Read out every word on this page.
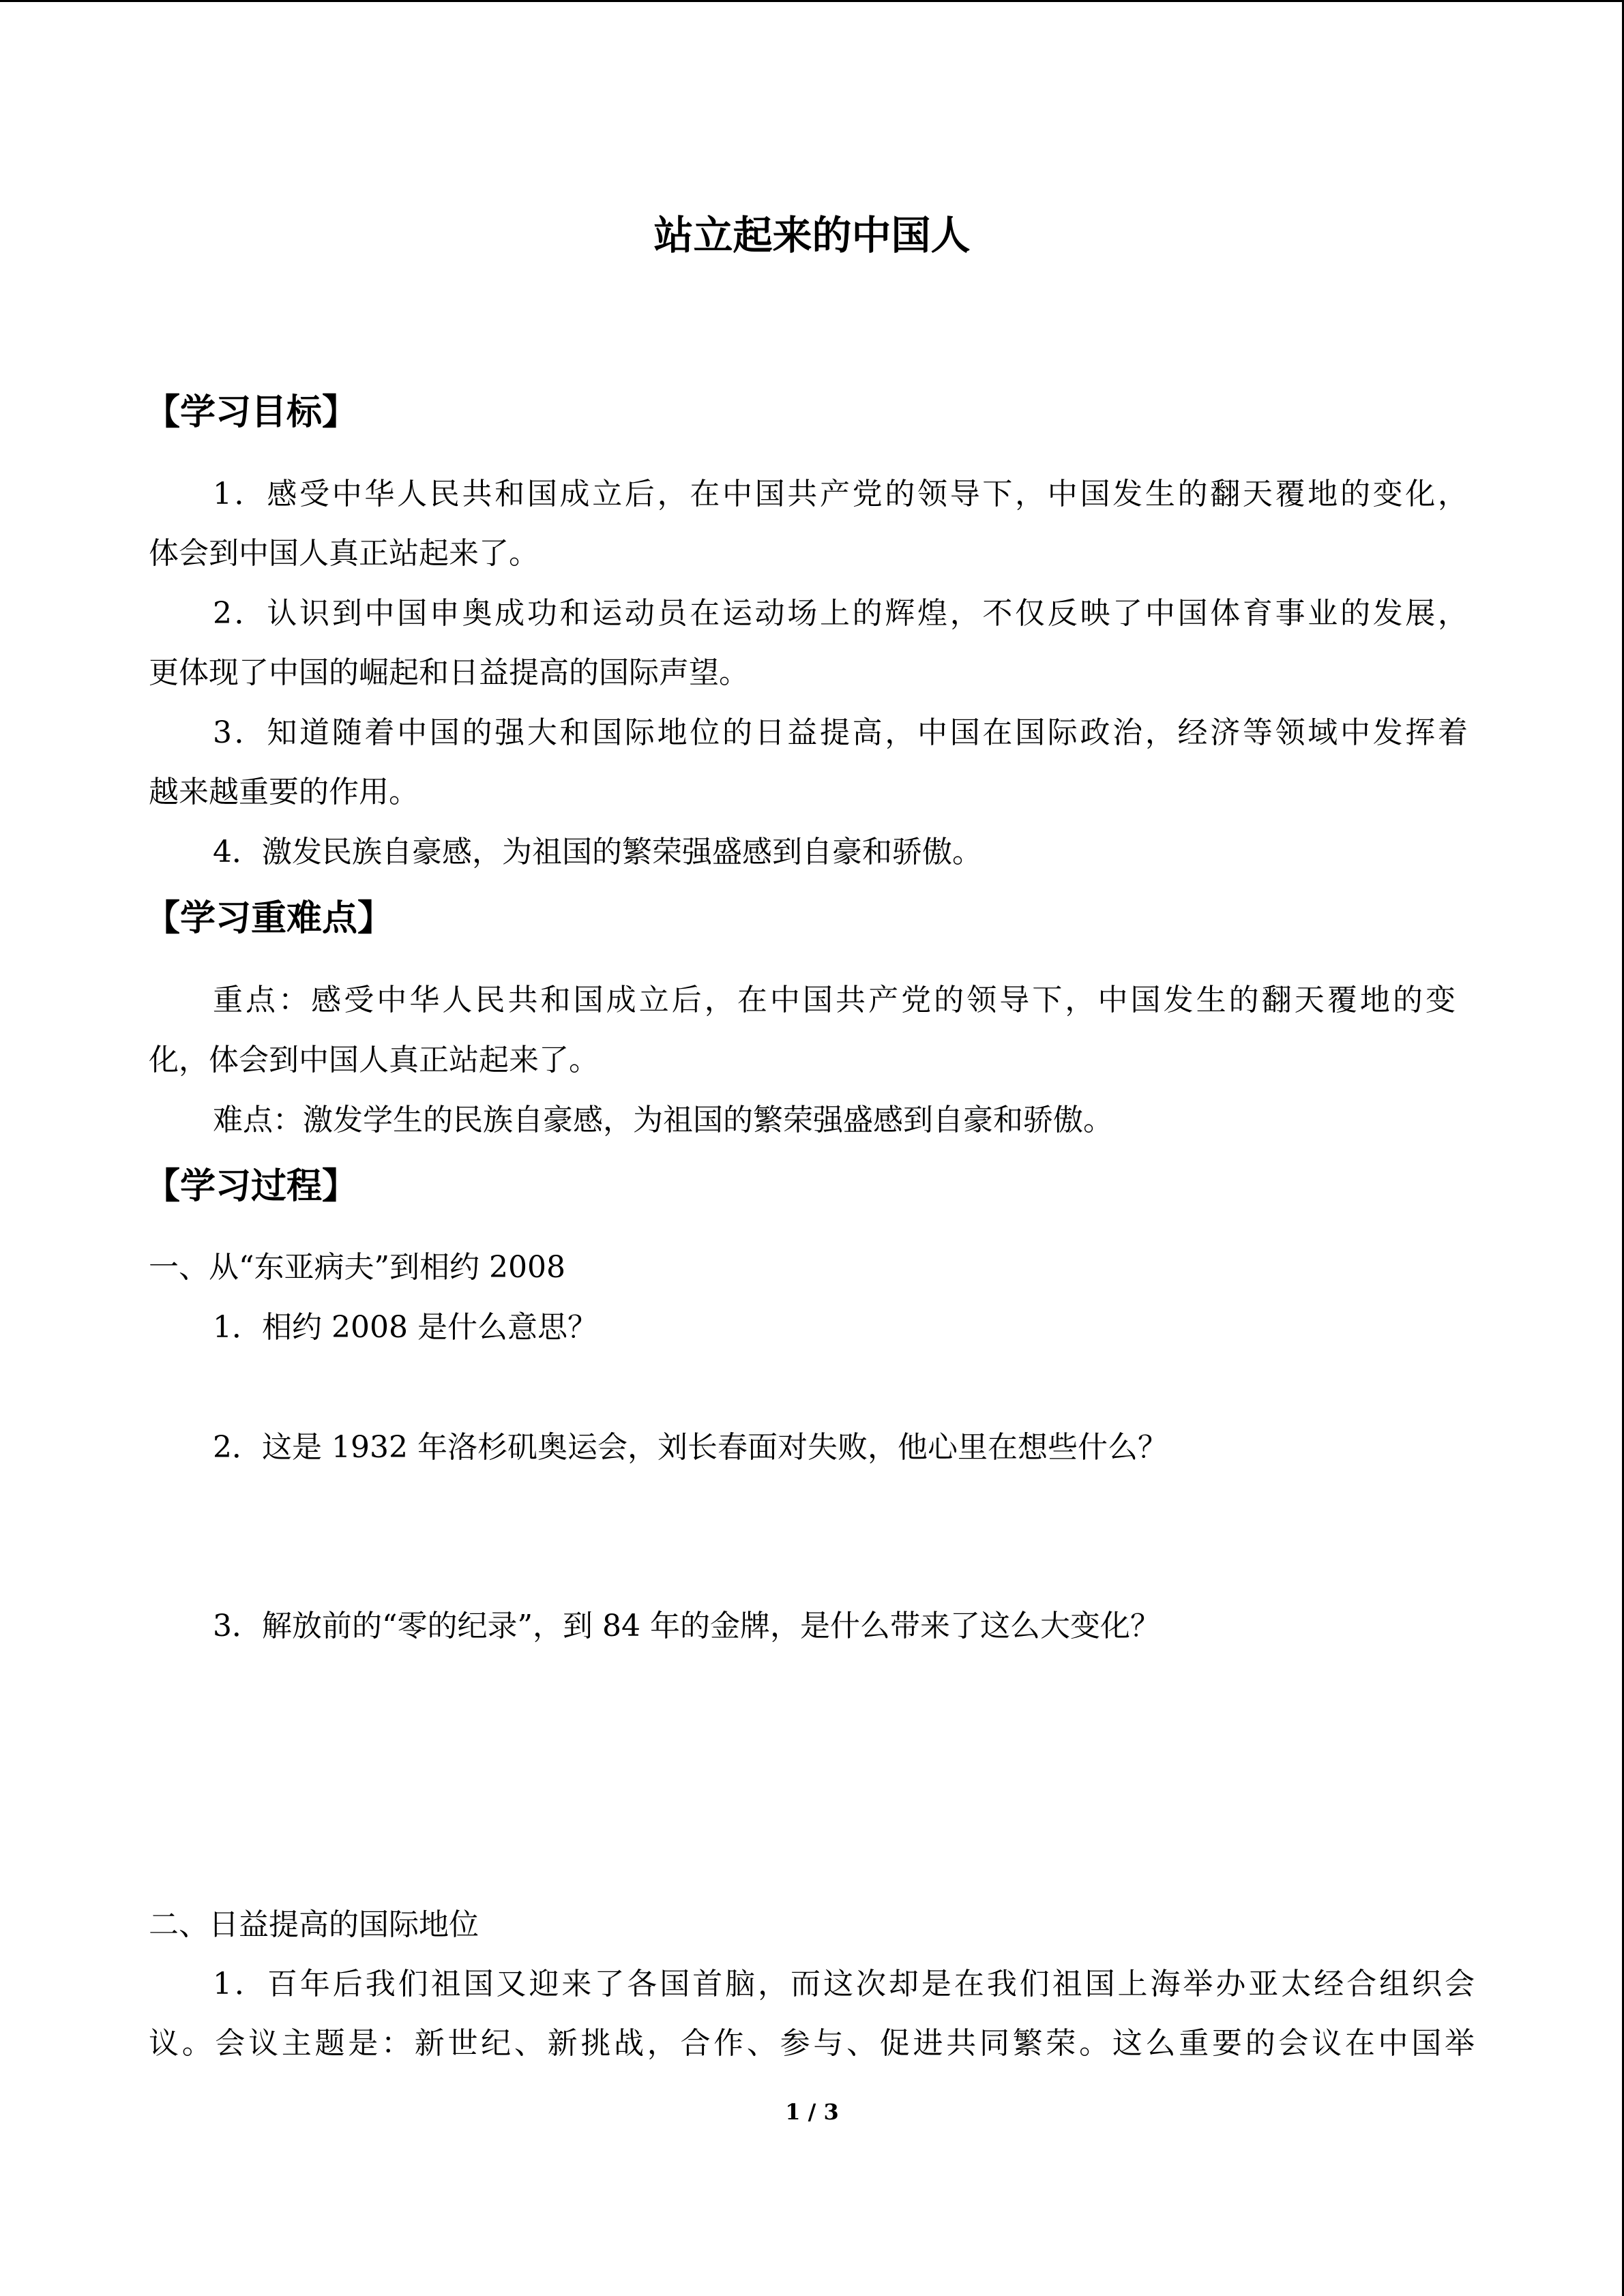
站立起来的中国人
【学习目标】
1．感受中华人民共和国成立后，在中国共产党的领导下，中国发生的翻天覆地的变化，
体会到中国人真正站起来了。
2．认识到中国申奥成功和运动员在运动场上的辉煌，不仅反映了中国体育事业的发展，
更体现了中国的崛起和日益提高的国际声望。
3．知道随着中国的强大和国际地位的日益提高，中国在国际政治，经济等领域中发挥着
越来越重要的作用。
4．激发民族自豪感，为祖国的繁荣强盛感到自豪和骄傲。
【学习重难点】
重点：感受中华人民共和国成立后，在中国共产党的领导下，中国发生的翻天覆地的变
化，体会到中国人真正站起来了。
难点：激发学生的民族自豪感，为祖国的繁荣强盛感到自豪和骄傲。
【学习过程】
一、从“东亚病夫”到相约 2008
1．相约 2008 是什么意思？
2．这是 1932 年洛杉矶奥运会，刘长春面对失败，他心里在想些什么？
3．解放前的“零的纪录”，到 84 年的金牌，是什么带来了这么大变化？
二、日益提高的国际地位
1．百年后我们祖国又迎来了各国首脑，而这次却是在我们祖国上海举办亚太经合组织会
议。会议主题是：新世纪、新挑战，合作、参与、促进共同繁荣。这么重要的会议在中国举
1 / 3
